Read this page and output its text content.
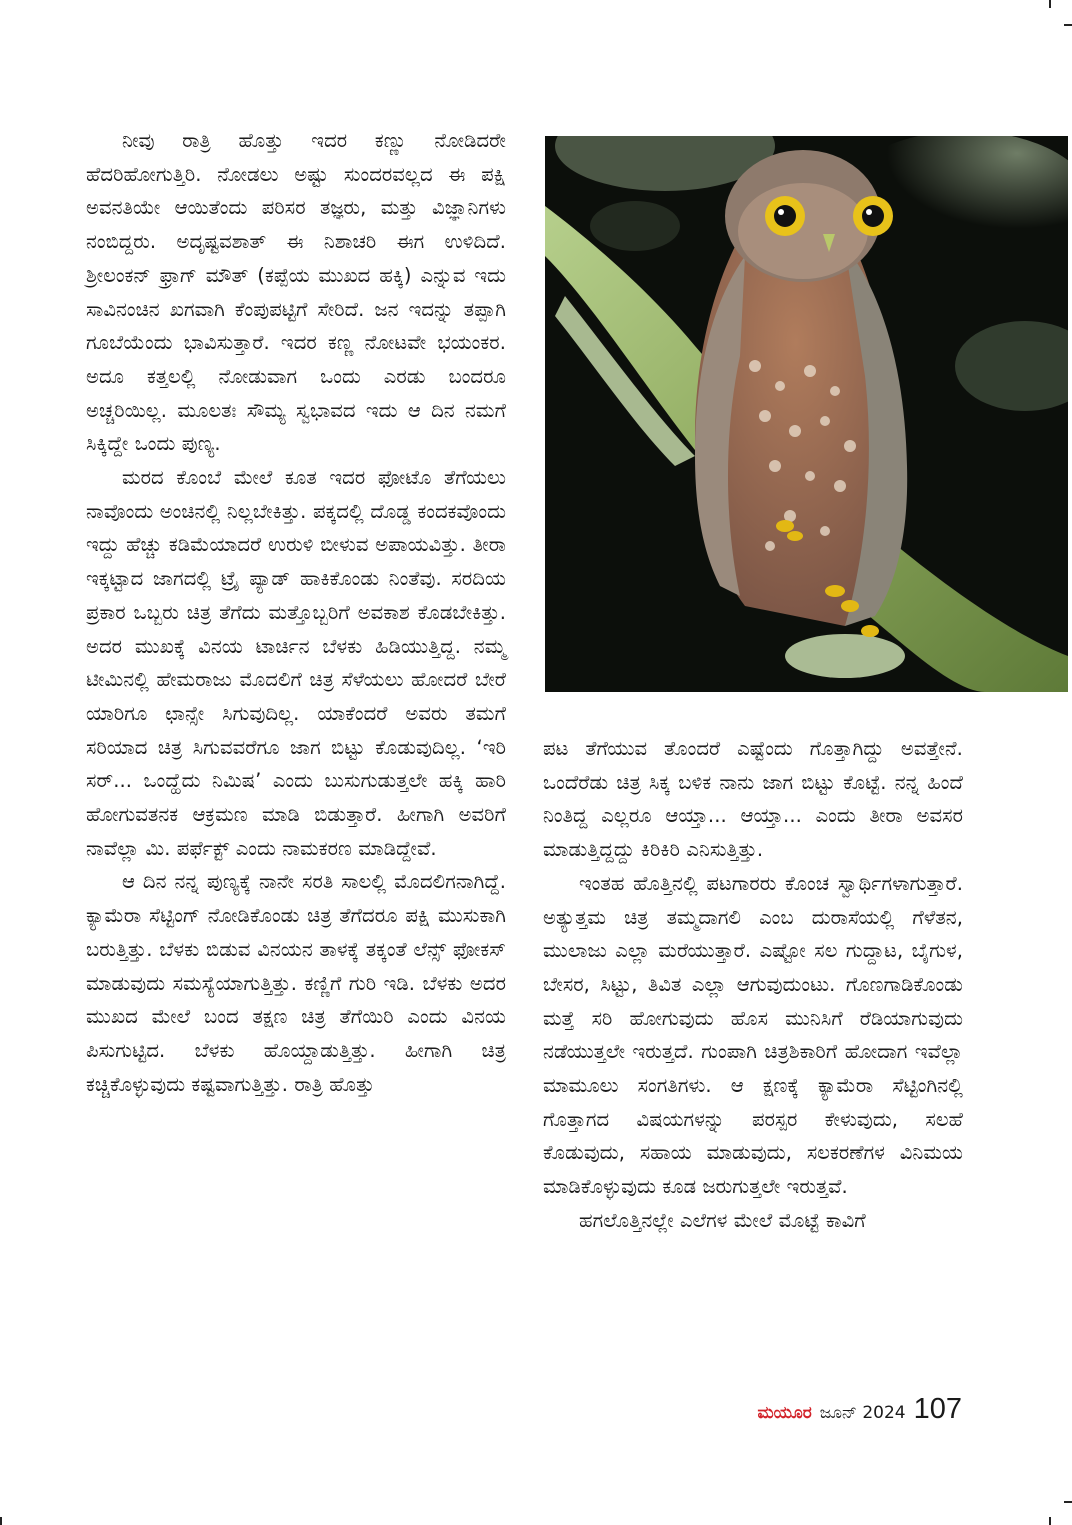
ನೀವು ರಾತ್ರಿ ಹೊತ್ತು ಇದರ ಕಣ್ಣು ನೋಡಿದರೇ ಹೆದರಿಹೋಗುತ್ತಿರಿ. ನೋಡಲು ಅಷ್ಟು ಸುಂದರವಲ್ಲದ ಈ ಪಕ್ಷಿ ಅವನತಿಯೇ ಆಯಿತೆಂದು ಪರಿಸರ ತಜ್ಞರು, ಮತ್ತು ವಿಜ್ಞಾನಿಗಳು ನಂಬಿದ್ದರು. ಅದೃಷ್ಟವಶಾತ್ ಈ ನಿಶಾಚರಿ ಈಗ ಉಳಿದಿದೆ. ಶ್ರೀಲಂಕನ್ ಫ್ರಾಗ್ ಮೌತ್ (ಕಪ್ಪೆಯ ಮುಖದ ಹಕ್ಕಿ) ಎನ್ನುವ ಇದು ಸಾವಿನಂಚಿನ ಖಗವಾಗಿ ಕೆಂಪುಪಟ್ಟಿಗೆ ಸೇರಿದೆ. ಜನ ಇದನ್ನು ತಪ್ಪಾಗಿ ಗೂಬೆಯೆಂದು ಭಾವಿಸುತ್ತಾರೆ. ಇದರ ಕಣ್ಣ ನೋಟವೇ ಭಯಂಕರ. ಅದೂ ಕತ್ತಲಲ್ಲಿ ನೋಡುವಾಗ ಒಂದು ಎರಡು ಬಂದರೂ ಅಚ್ಚರಿಯಿಲ್ಲ. ಮೂಲತಃ ಸೌಮ್ಯ ಸ್ವಭಾವದ ಇದು ಆ ದಿನ ನಮಗೆ ಸಿಕ್ಕಿದ್ದೇ ಒಂದು ಪುಣ್ಯ.

ಮರದ ಕೊಂಬೆ ಮೇಲೆ ಕೂತ ಇದರ ಫೋಟೊ ತೆಗೆಯಲು ನಾವೊಂದು ಅಂಚಿನಲ್ಲಿ ನಿಲ್ಲಬೇಕಿತ್ತು. ಪಕ್ಕದಲ್ಲಿ ದೊಡ್ಡ ಕಂದಕವೊಂದು ಇದ್ದು ಹೆಚ್ಚು ಕಡಿಮೆಯಾದರೆ ಉರುಳಿ ಬೀಳುವ ಅಪಾಯವಿತ್ತು. ತೀರಾ ಇಕ್ಕಟ್ಟಾದ ಜಾಗದಲ್ಲಿ ಟ್ರೈ ಪ್ಯಾಡ್ ಹಾಕಿಕೊಂಡು ನಿಂತೆವು. ಸರದಿಯ ಪ್ರಕಾರ ಒಬ್ಬರು ಚಿತ್ರ ತೆಗೆದು ಮತ್ತೊಬ್ಬರಿಗೆ ಅವಕಾಶ ಕೊಡಬೇಕಿತ್ತು. ಅದರ ಮುಖಕ್ಕೆ ವಿನಯ ಟಾರ್ಚಿನ ಬೆಳಕು ಹಿಡಿಯುತ್ತಿದ್ದ. ನಮ್ಮ ಟೀಮಿನಲ್ಲಿ ಹೇಮರಾಜು ಮೊದಲಿಗೆ ಚಿತ್ರ ಸೆಳೆಯಲು ಹೋದರೆ ಬೇರೆ ಯಾರಿಗೂ ಛಾನ್ಸೇ ಸಿಗುವುದಿಲ್ಲ. ಯಾಕೆಂದರೆ ಅವರು ತಮಗೆ ಸರಿಯಾದ ಚಿತ್ರ ಸಿಗುವವರೆಗೂ ಜಾಗ ಬಿಟ್ಟು ಕೊಡುವುದಿಲ್ಲ. ‘ಇರಿ ಸರ್... ಒಂದ್ಹೆದು ನಿಮಿಷ’ ಎಂದು ಬುಸುಗುಡುತ್ತಲೇ ಹಕ್ಕಿ ಹಾರಿ ಹೋಗುವತನಕ ಆಕ್ರಮಣ ಮಾಡಿ ಬಿಡುತ್ತಾರೆ. ಹೀಗಾಗಿ ಅವರಿಗೆ ನಾವೆಲ್ಲಾ ಮಿ. ಪರ್ಫೆಕ್ಟ್ ಎಂದು ನಾಮಕರಣ ಮಾಡಿದ್ದೇವೆ.

ಆ ದಿನ ನನ್ನ ಪುಣ್ಯಕ್ಕೆ ನಾನೇ ಸರತಿ ಸಾಲಲ್ಲಿ ಮೊದಲಿಗನಾಗಿದ್ದೆ. ಕ್ಯಾಮೆರಾ ಸೆಟ್ಟಿಂಗ್ ನೋಡಿಕೊಂಡು ಚಿತ್ರ ತೆಗೆದರೂ ಪಕ್ಷಿ ಮುಸುಕಾಗಿ ಬರುತ್ತಿತ್ತು. ಬೆಳಕು ಬಿಡುವ ವಿನಯನ ತಾಳಕ್ಕೆ ತಕ್ಕಂತೆ ಲೆನ್ಸ್ ಫೋಕಸ್ ಮಾಡುವುದು ಸಮಸ್ಯೆಯಾಗುತ್ತಿತ್ತು. ಕಣ್ಣಿಗೆ ಗುರಿ ಇಡಿ. ಬೆಳಕು ಅದರ ಮುಖದ ಮೇಲೆ ಬಂದ ತಕ್ಷಣ ಚಿತ್ರ ತೆಗೆಯಿರಿ ಎಂದು ವಿನಯ ಪಿಸುಗುಟ್ಟಿದ. ಬೆಳಕು ಹೊಯ್ದಾಡುತ್ತಿತ್ತು. ಹೀಗಾಗಿ ಚಿತ್ರ ಕಚ್ಚಿಕೊಳ್ಳುವುದು ಕಷ್ಟವಾಗುತ್ತಿತ್ತು. ರಾತ್ರಿ ಹೊತ್ತು

ಪಟ ತೆಗೆಯುವ ತೊಂದರೆ ಎಷ್ಟೆಂದು ಗೊತ್ತಾಗಿದ್ದು ಅವತ್ತೇನೆ. ಒಂದೆರೆಡು ಚಿತ್ರ ಸಿಕ್ಕ ಬಳಿಕ ನಾನು ಜಾಗ ಬಿಟ್ಟು ಕೊಟ್ಟೆ. ನನ್ನ ಹಿಂದೆ ನಿಂತಿದ್ದ ಎಲ್ಲರೂ ಆಯ್ತಾ... ಆಯ್ತಾ... ಎಂದು ತೀರಾ ಅವಸರ ಮಾಡುತ್ತಿದ್ದದ್ದು ಕಿರಿಕಿರಿ ಎನಿಸುತ್ತಿತ್ತು.

ಇಂತಹ ಹೊತ್ತಿನಲ್ಲಿ ಪಟಗಾರರು ಕೊಂಚ ಸ್ವಾರ್ಥಿಗಳಾಗುತ್ತಾರೆ. ಅತ್ಯುತ್ತಮ ಚಿತ್ರ ತಮ್ಮದಾಗಲಿ ಎಂಬ ದುರಾಸೆಯಲ್ಲಿ ಗೆಳೆತನ, ಮುಲಾಜು ಎಲ್ಲಾ ಮರೆಯುತ್ತಾರೆ. ಎಷ್ಟೋ ಸಲ ಗುದ್ದಾಟ, ಬೈಗುಳ, ಬೇಸರ, ಸಿಟ್ಟು, ತಿವಿತ ಎಲ್ಲಾ ಆಗುವುದುಂಟು. ಗೊಣಗಾಡಿಕೊಂಡು ಮತ್ತೆ ಸರಿ ಹೋಗುವುದು ಹೊಸ ಮುನಿಸಿಗೆ ರೆಡಿಯಾಗುವುದು ನಡೆಯುತ್ತಲೇ ಇರುತ್ತದೆ. ಗುಂಪಾಗಿ ಚಿತ್ರಶಿಕಾರಿಗೆ ಹೋದಾಗ ಇವೆಲ್ಲಾ ಮಾಮೂಲು ಸಂಗತಿಗಳು. ಆ ಕ್ಷಣಕ್ಕೆ ಕ್ಯಾಮೆರಾ ಸೆಟ್ಟಿಂಗಿನಲ್ಲಿ ಗೊತ್ತಾಗದ ವಿಷಯಗಳನ್ನು ಪರಸ್ಪರ ಕೇಳುವುದು, ಸಲಹೆ ಕೊಡುವುದು, ಸಹಾಯ ಮಾಡುವುದು, ಸಲಕರಣೆಗಳ ವಿನಿಮಯ ಮಾಡಿಕೊಳ್ಳುವುದು ಕೂಡ ಜರುಗುತ್ತಲೇ ಇರುತ್ತವೆ.

ಹಗಲೊತ್ತಿನಲ್ಲೇ ಎಲೆಗಳ ಮೇಲೆ ಮೊಟ್ಟೆ ಕಾವಿಗೆ

ಮಯೂರ ಜೂನ್ 2024 107
